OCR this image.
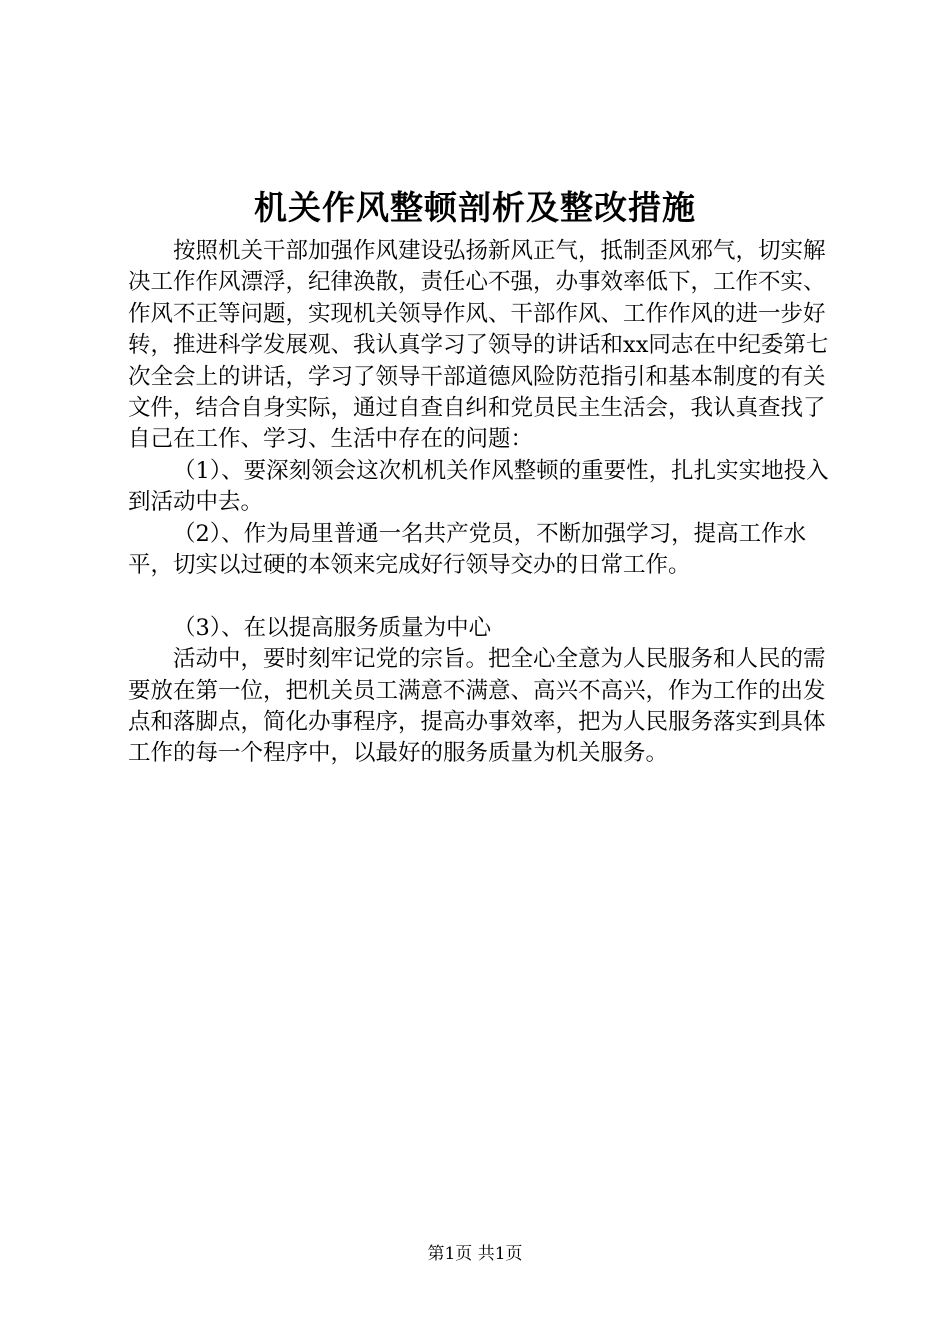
机关作风整顿剖析及整改措施

按照机关干部加强作风建设弘扬新风正气，抵制歪风邪气，切实解决工作作风漂浮，纪律涣散，责任心不强，办事效率低下，工作不实、作风不正等问题，实现机关领导作风、干部作风、工作作风的进一步好转，推进科学发展观、我认真学习了领导的讲话和xx同志在中纪委第七次全会上的讲话，学习了领导干部道德风险防范指引和基本制度的有关文件，结合自身实际，通过自查自纠和党员民主生活会，我认真查找了自己在工作、学习、生活中存在的问题：

（1）、要深刻领会这次机机关作风整顿的重要性，扎扎实实地投入到活动中去。

（2）、作为局里普通一名共产党员，不断加强学习，提高工作水平，切实以过硬的本领来完成好行领导交办的日常工作。

（3）、在以提高服务质量为中心

活动中，要时刻牢记党的宗旨。把全心全意为人民服务和人民的需要放在第一位，把机关员工满意不满意、高兴不高兴，作为工作的出发点和落脚点，简化办事程序，提高办事效率，把为人民服务落实到具体工作的每一个程序中，以最好的服务质量为机关服务。

第1页 共1页
